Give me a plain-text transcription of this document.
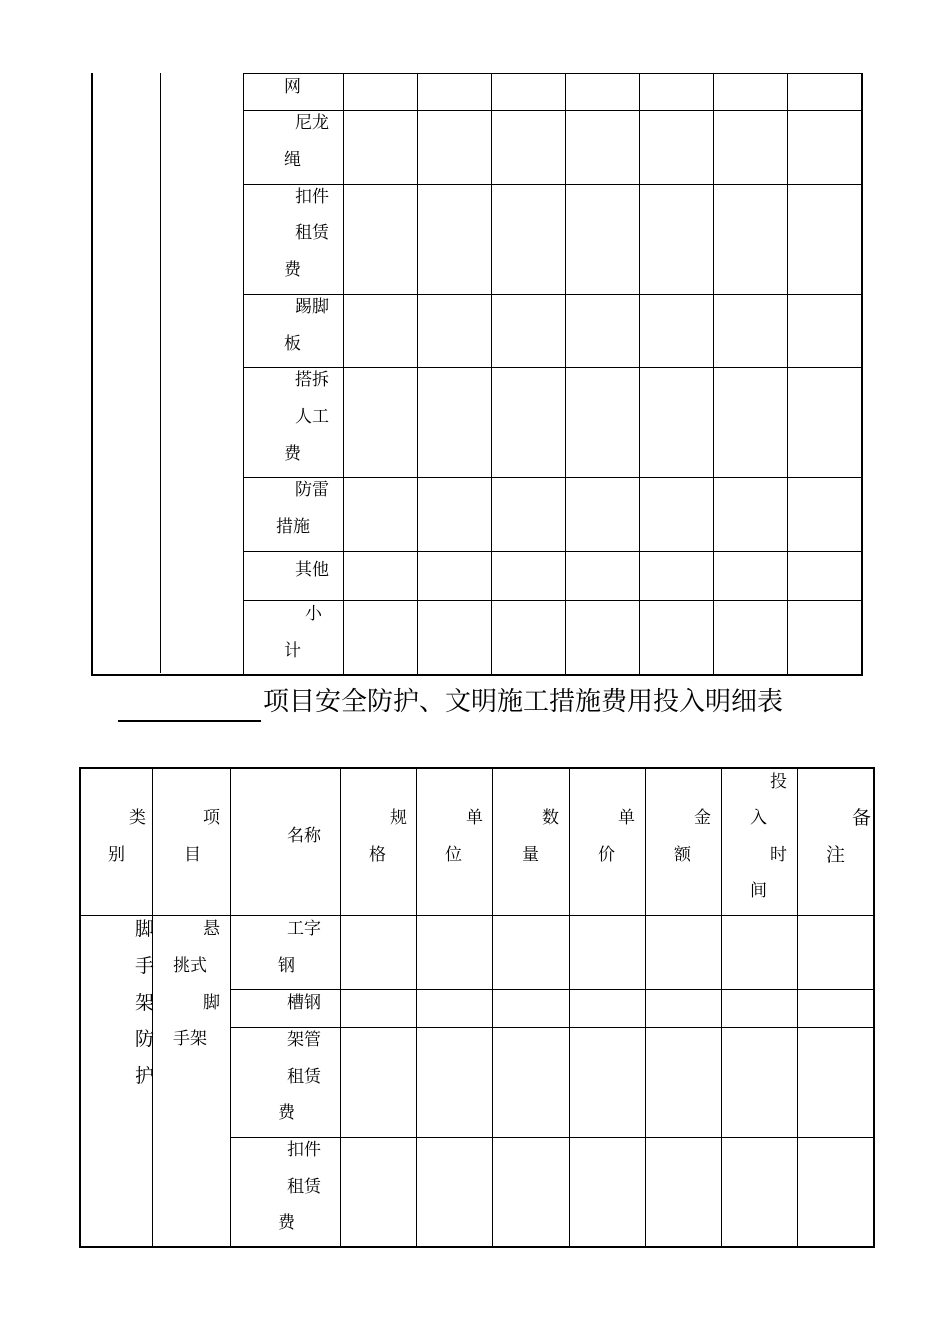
网
尼龙
绳
扣件
租赁
费
踢脚
板
搭拆
人工
费
防雷
措施
其他
小
计
项目安全防护、文明施工措施费用投入明细表
类
别
项
目
名称
规
格
单
位
数
量
单
价
金
额
投
入
时
间
备
注
脚
手
架
防
护
悬
挑式
脚
手架
工字
钢
槽钢
架管
租赁
费
扣件
租赁
费
